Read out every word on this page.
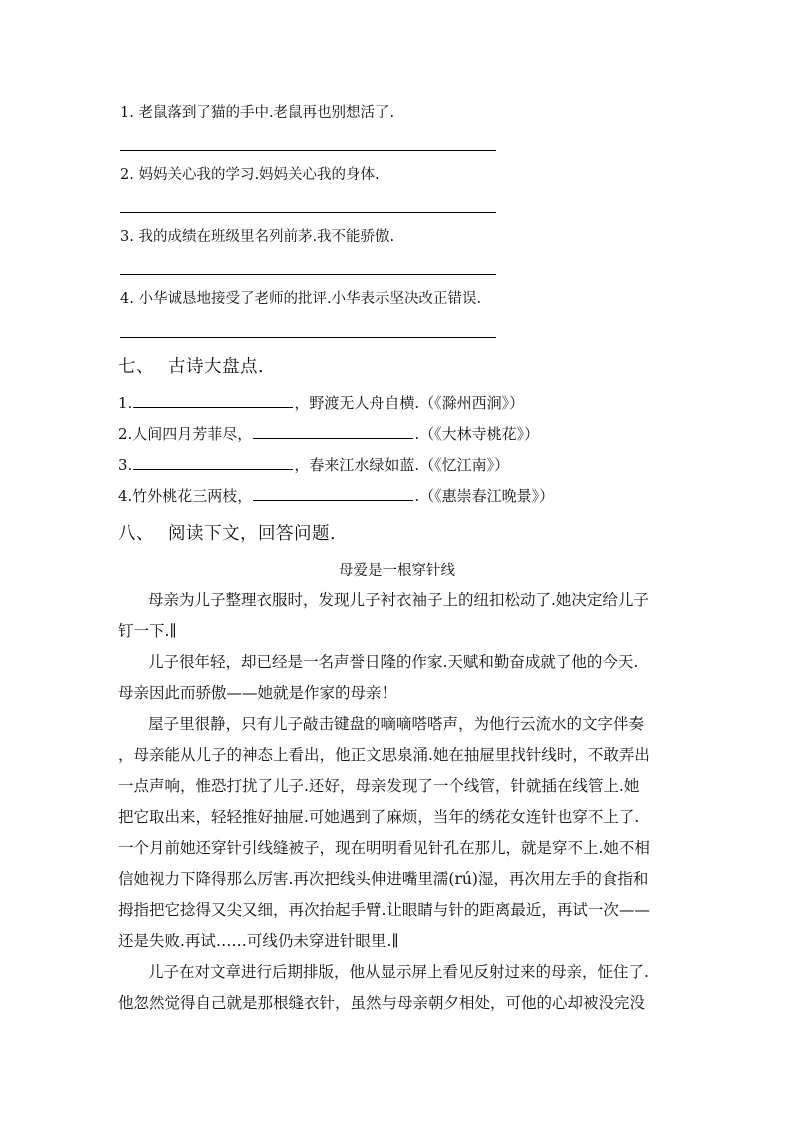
1. 老鼠落到了猫的手中.老鼠再也别想活了.
2. 妈妈关心我的学习.妈妈关心我的身体.
3. 我的成绩在班级里名列前茅.我不能骄傲.
4. 小华诚恳地接受了老师的批评.小华表示坚决改正错误.
七、 古诗大盘点.
1.	，野渡无人舟自横.（《滁州西涧》）
2.人间四月芳菲尽，	.（《大林寺桃花》）
3.	，春来江水绿如蓝.（《忆江南》）
4.竹外桃花三两枝，	.（《惠崇春江晚景》）
八、 阅读下文，回答问题.
母爱是一根穿针线
母亲为儿子整理衣服时，发现儿子衬衣袖子上的纽扣松动了.她决定给儿子
钉一下.∥
儿子很年轻，却已经是一名声誉日隆的作家.天赋和勤奋成就了他的今天.
母亲因此而骄傲——她就是作家的母亲！
屋子里很静，只有儿子敲击键盘的嘀嘀嗒嗒声，为他行云流水的文字伴奏
，母亲能从儿子的神态上看出，他正文思泉涌.她在抽屉里找针线时，不敢弄出
一点声响，惟恐打扰了儿子.还好，母亲发现了一个线管，针就插在线管上.她
把它取出来，轻轻推好抽屉.可她遇到了麻烦，当年的绣花女连针也穿不上了.
一个月前她还穿针引线缝被子，现在明明看见针孔在那儿，就是穿不上.她不相
信她视力下降得那么厉害.再次把线头伸进嘴里濡(rú)湿，再次用左手的食指和
拇指把它捻得又尖又细，再次抬起手臂.让眼睛与针的距离最近，再试一次——
还是失败.再试……可线仍未穿进针眼里.∥
儿子在对文章进行后期排版，他从显示屏上看见反射过来的母亲，怔住了.
他忽然觉得自己就是那根缝衣针，虽然与母亲朝夕相处，可他的心却被没完没
